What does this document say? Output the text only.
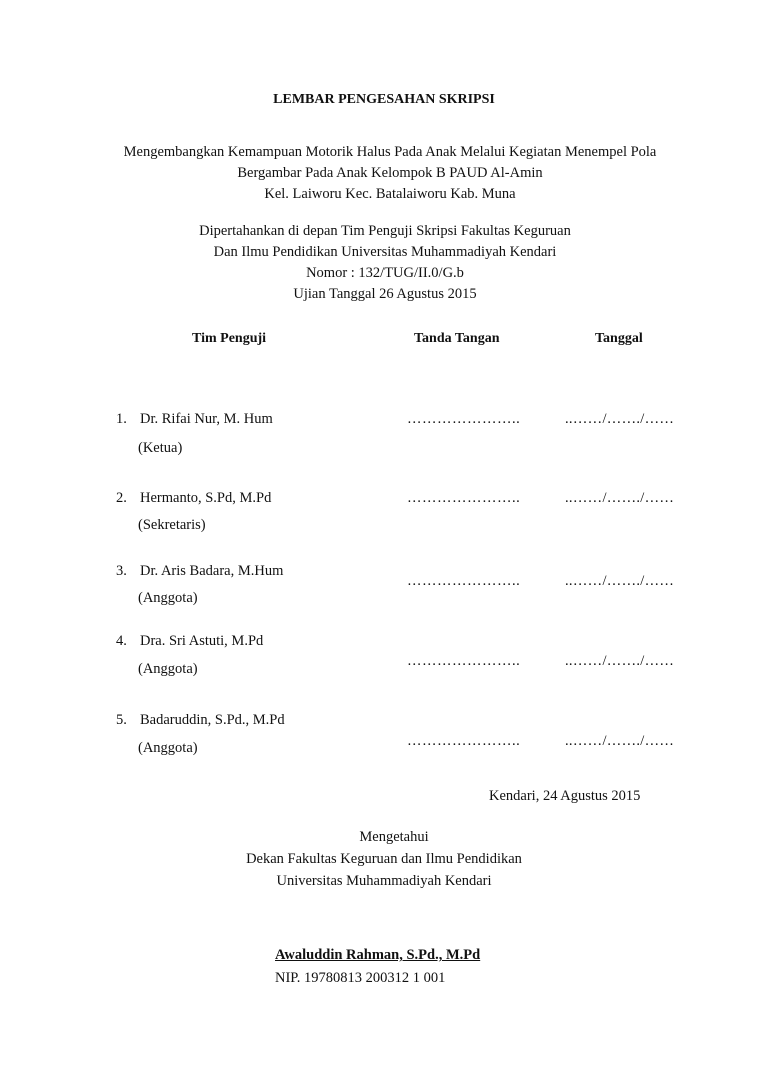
LEMBAR PENGESAHAN SKRIPSI
Mengembangkan Kemampuan Motorik Halus Pada Anak Melalui Kegiatan Menempel Pola
Bergambar Pada Anak Kelompok B PAUD Al-Amin
Kel. Laiworu Kec. Batalaiworu Kab. Muna
Dipertahankan di depan Tim Penguji Skripsi Fakultas Keguruan
Dan Ilmu Pendidikan Universitas Muhammadiyah Kendari
Nomor : 132/TUG/II.0/G.b
Ujian Tanggal 26 Agustus 2015
Tim Penguji	Tanda Tangan	Tanggal
1. Dr. Rifai Nur, M. Hum
(Ketua)
…………………..	..……/……./……
2. Hermanto, S.Pd, M.Pd
(Sekretaris)
…………………..	..……/……./……
3. Dr. Aris Badara, M.Hum
(Anggota)
…………………..	..……/……./……
4. Dra. Sri Astuti, M.Pd
(Anggota)	…………………..	..……/……./……
5. Badaruddin, S.Pd., M.Pd
(Anggota)	…………………..	..……/……./……
Kendari, 24 Agustus 2015
Mengetahui
Dekan Fakultas Keguruan dan Ilmu Pendidikan
Universitas Muhammadiyah Kendari
Awaluddin Rahman, S.Pd., M.Pd
NIP. 19780813 200312 1 001
